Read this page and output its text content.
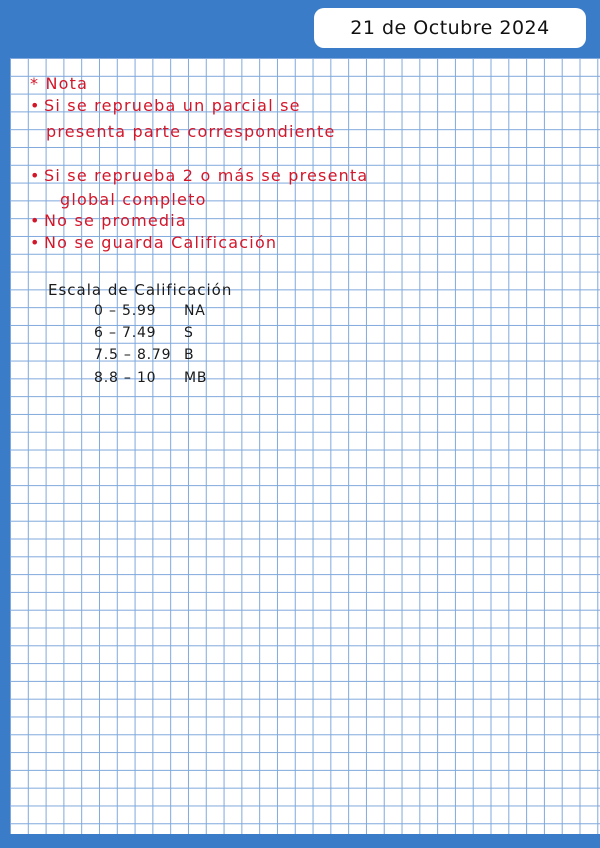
21 de Octubre 2024
* Nota
• Si se reprueba un parcial se
presenta parte correspondiente
• Si se reprueba 2 o más se presenta
global completo
• No se promedia
• No se guarda Calificación
Escala de Calificación
0 – 5.99	NA
6 – 7.49	S
7.5 – 8.79 B
8.8 – 10	MB
